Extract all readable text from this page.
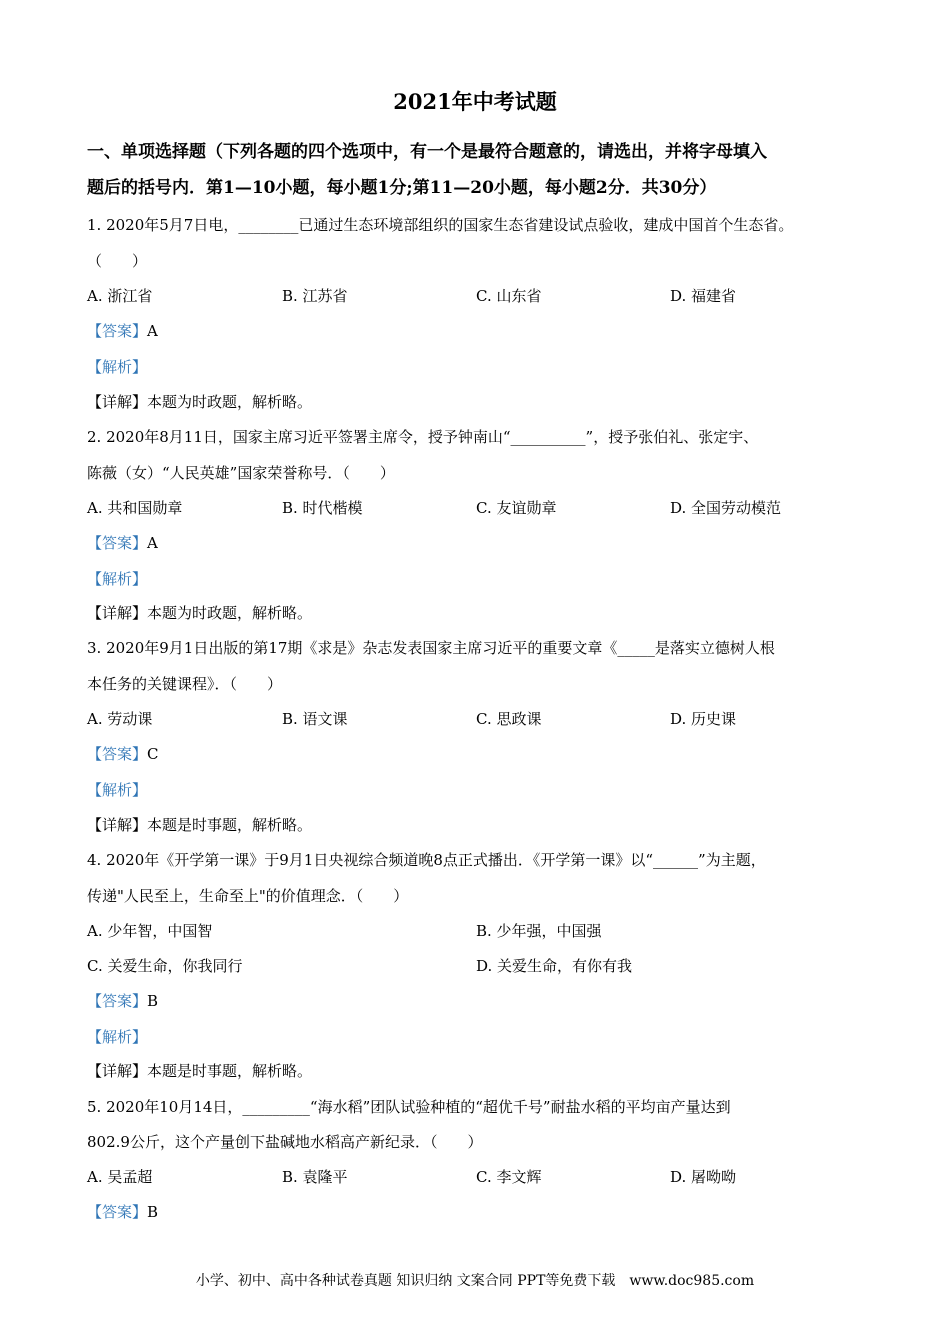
2021年中考试题
一、单项选择题（下列各题的四个选项中，有一个是最符合题意的，请选出，并将字母填入
题后的括号内．第1—10小题，每小题1分;第11—20小题，每小题2分．共30分）
1. 2020年5月7日电，________已通过生态环境部组织的国家生态省建设试点验收，建成中国首个生态省。
（　　）
A. 浙江省	B. 江苏省	C. 山东省	D. 福建省
【答案】A
【解析】
【详解】本题为时政题，解析略。
2. 2020年8月11日，国家主席习近平签署主席令，授予钟南山“__________”，授予张伯礼、张定宇、
陈薇（女）“人民英雄”国家荣誉称号．（　　）
A. 共和国勋章	B. 时代楷模	C. 友谊勋章	D. 全国劳动模范
【答案】A
【解析】
【详解】本题为时政题，解析略。
3. 2020年9月1日出版的第17期《求是》杂志发表国家主席习近平的重要文章《_____是落实立德树人根
本任务的关键课程》．（　　）
A. 劳动课	B. 语文课	C. 思政课	D. 历史课
【答案】C
【解析】
【详解】本题是时事题，解析略。
4. 2020年《开学第一课》于9月1日央视综合频道晚8点正式播出．《开学第一课》以“______”为主题，
传递"人民至上，生命至上"的价值理念．（　　）
A. 少年智，中国智	B. 少年强，中国强
C. 关爱生命，你我同行	D. 关爱生命，有你有我
【答案】B
【解析】
【详解】本题是时事题，解析略。
5. 2020年10月14日，_________“海水稻”团队试验种植的“超优千号”耐盐水稻的平均亩产量达到
802.9公斤，这个产量创下盐碱地水稻高产新纪录．（　　）
A. 吴孟超	B. 袁隆平	C. 李文辉	D. 屠呦呦
【答案】B
小学、初中、高中各种试卷真题 知识归纳 文案合同 PPT等免费下载　www.doc985.com
